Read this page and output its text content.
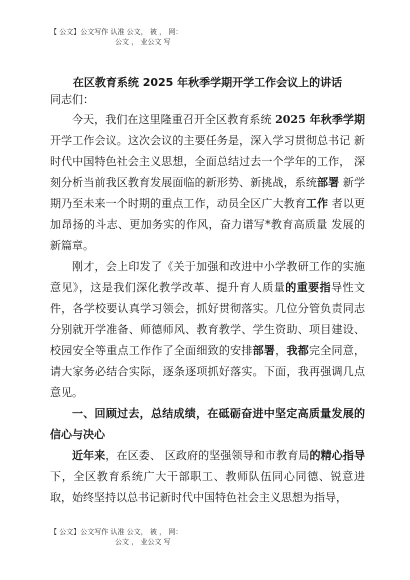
【 公文】公文写作 认准 公文， 被 ， 网：
公文 ， 业公文 写
在区教育系统 2025 年秋季学期开学工作会议上的讲话
同志们：

今天，我们在这里隆重召开全区教育系统 2025 年秋季学期 开学工作会议。这次会议的主要任务是，深入学习贯彻总书记 新时代中国特色社会主义思想，全面总结过去一个学年的工作， 深刻分析当前我区教育发展面临的新形势、新挑战，系统部署 新学期乃至未来一个时期的重点工作，动员全区广大教育工作 者以更加昂扬的斗志、更加务实的作风，奋力谱写*教育高质量 发展的新篇章。

刚才，会上印发了《关于加强和改进中小学教研工作的实施意见》，这是我们深化教学改革、提升育人质量的重要指导性文件，各学校要认真学习领会，抓好贯彻落实。几位分管负责同志分别就开学准备、师德师风、教育教学、学生资助、项目建设、校园安全等重点工作作了全面细致的安排部署，我都完全同意，请大家务必结合实际，逐条逐项抓好落实。下面，我再强调几点意见。

一、回顾过去，总结成绩，在砥砺奋进中坚定高质量发展的信心与决心

近年来，在区委、 区政府的坚强领导和市教育局的精心指导下，全区教育系统广大干部职工、教师队伍同心同德、锐意进取，始终坚持以总书记新时代中国特色社会主义思想为指导，

【 公文】公文写作 认准 公文， 被 ， 网：
公文 ， 业公文 写
